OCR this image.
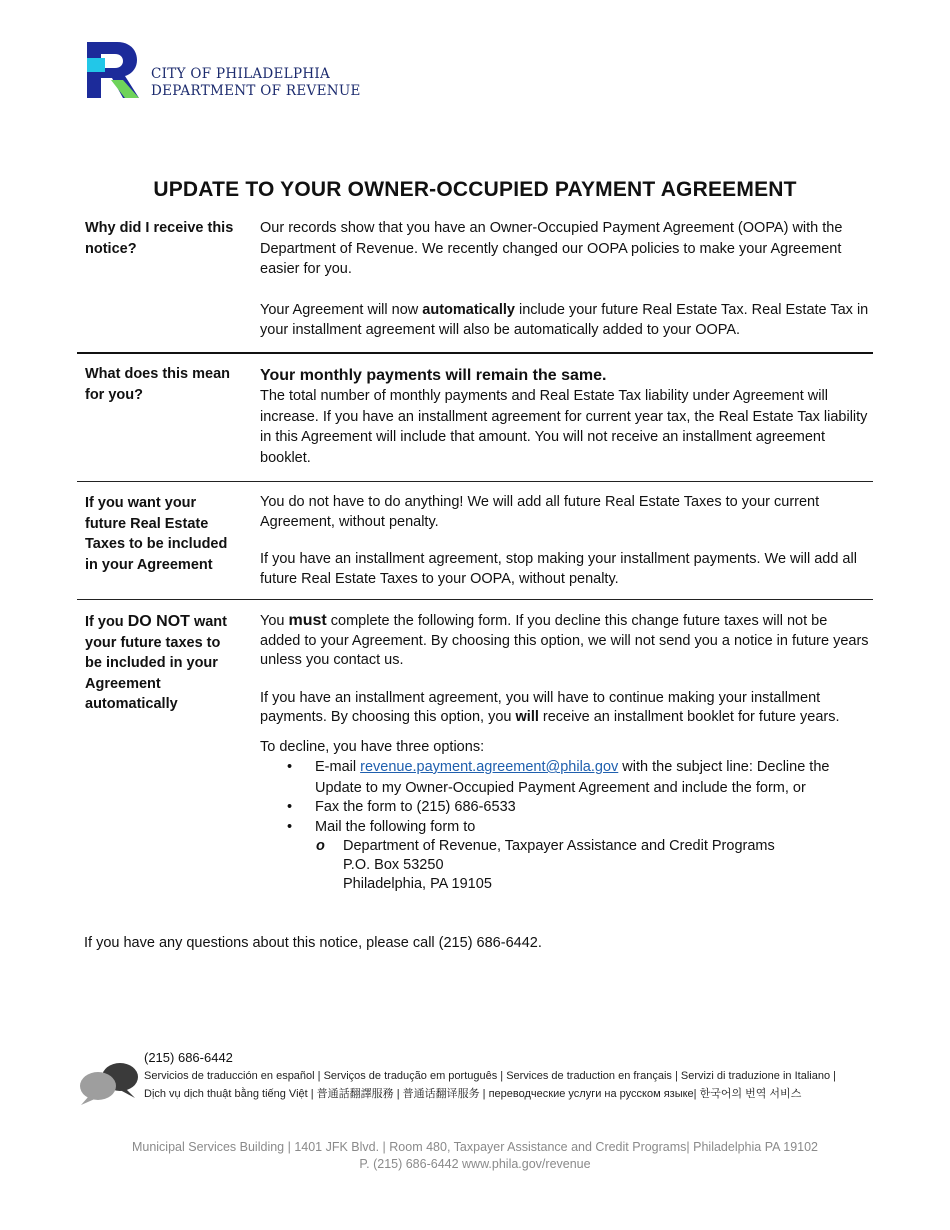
CITY OF PHILADELPHIA
DEPARTMENT OF REVENUE
UPDATE TO YOUR OWNER-OCCUPIED PAYMENT AGREEMENT
Why did I receive this notice?

Our records show that you have an Owner-Occupied Payment Agreement (OOPA) with the Department of Revenue. We recently changed our OOPA policies to make your Agreement easier for you.

Your Agreement will now automatically include your future Real Estate Tax. Real Estate Tax in your installment agreement will also be automatically added to your OOPA.

What does this mean for you?

Your monthly payments will remain the same.

The total number of monthly payments and Real Estate Tax liability under Agreement will increase. If you have an installment agreement for current year tax, the Real Estate Tax liability in this Agreement will include that amount. You will not receive an installment agreement booklet.

If you want your future Real Estate Taxes to be included in your Agreement

You do not have to do anything! We will add all future Real Estate Taxes to your current Agreement, without penalty.

If you have an installment agreement, stop making your installment payments. We will add all future Real Estate Taxes to your OOPA, without penalty.

If you DO NOT want your future taxes to be included in your Agreement automatically

You must complete the following form. If you decline this change future taxes will not be added to your Agreement. By choosing this option, we will not send you a notice in future years unless you contact us.

If you have an installment agreement, you will have to continue making your installment payments. By choosing this option, you will receive an installment booklet for future years.

To decline, you have three options:

• E-mail revenue.payment.agreement@phila.gov with the subject line: Decline the Update to my Owner-Occupied Payment Agreement and include the form, or
• Fax the form to (215) 686-6533
• Mail the following form to
o Department of Revenue, Taxpayer Assistance and Credit Programs
P.O. Box 53250
Philadelphia, PA 19105
If you have any questions about this notice, please call (215) 686-6442.
(215) 686-6442
Servicios de traducción en español | Serviços de tradução em português | Services de traduction en français | Servizi di traduzione in Italiano |
Dịch vụ dịch thuật bằng tiếng Việt | 普通話翻譯服務 | 普通话翻译服务 | переводческие услуги на русском языке| 한국어의 번역 서비스
Municipal Services Building | 1401 JFK Blvd. | Room 480, Taxpayer Assistance and Credit Programs| Philadelphia PA 19102
P. (215) 686-6442 www.phila.gov/revenue
